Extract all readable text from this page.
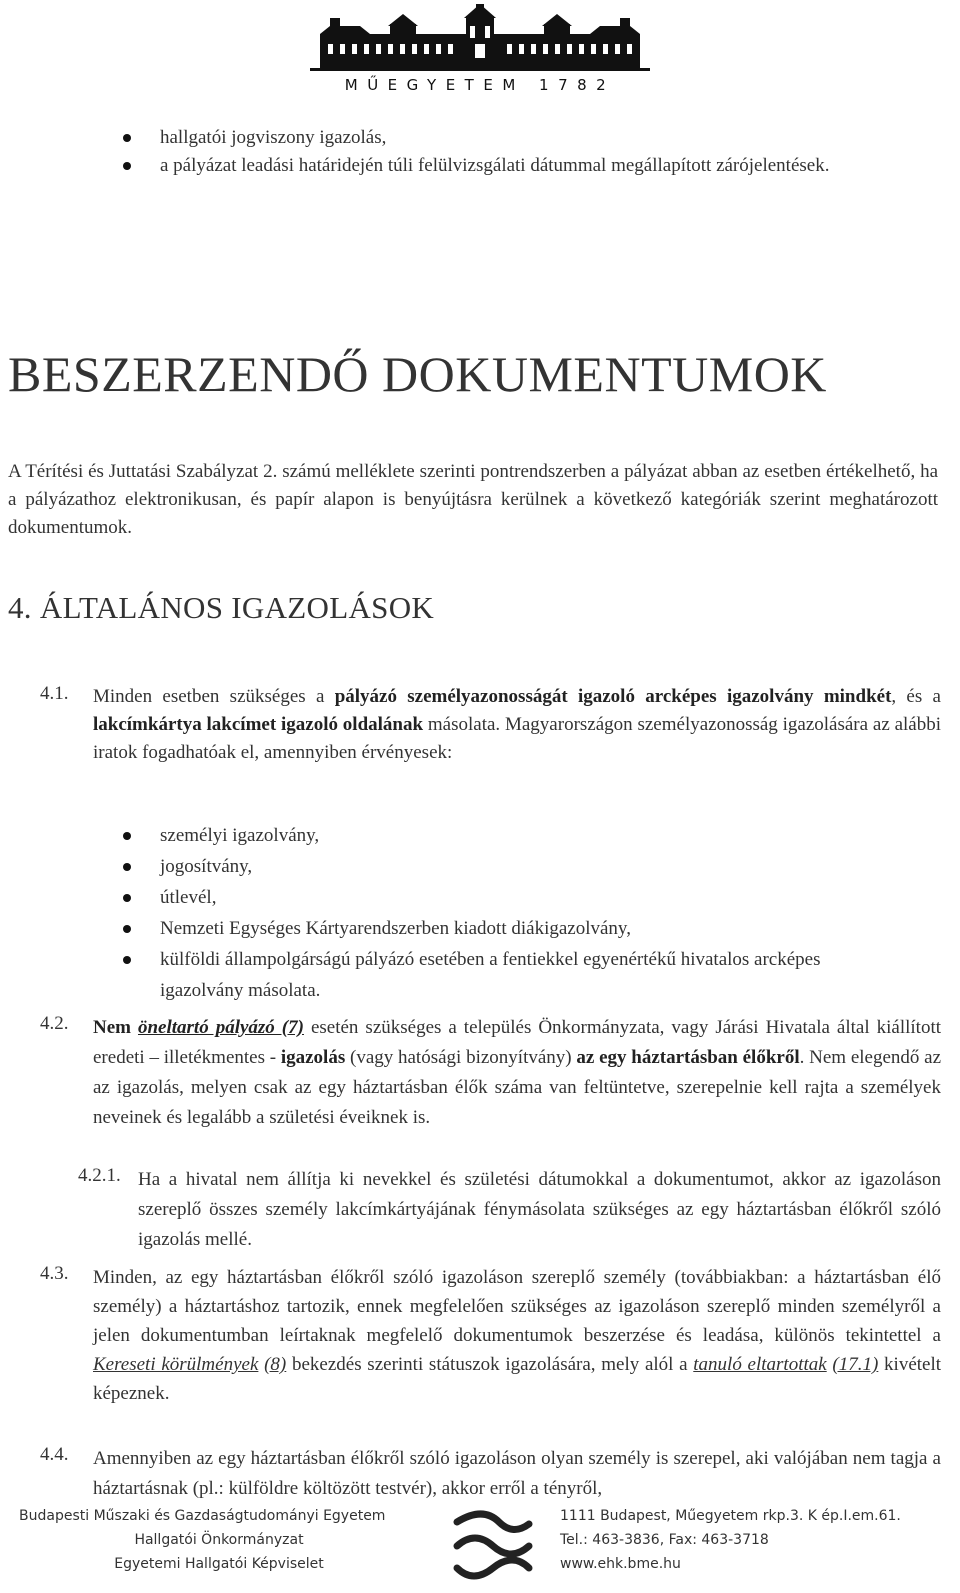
MŰEGYETEM 1782
hallgatói jogviszony igazolás,
a pályázat leadási határidején túli felülvizsgálati dátummal megállapított zárójelentések.
BESZERZENDŐ DOKUMENTUMOK

A Térítési és Juttatási Szabályzat 2. számú melléklete szerinti pontrendszerben a pályázat abban az esetben értékelhető, ha a pályázathoz elektronikusan, és papír alapon is benyújtásra kerülnek a következő kategóriák szerint meghatározott dokumentumok.

4. ÁLTALÁNOS IGAZOLÁSOK
4.1. Minden esetben szükséges a pályázó személyazonosságát igazoló arcképes igazolvány mindkét, és a lakcímkártya lakcímet igazoló oldalának másolata. Magyarországon személyazonosság igazolására az alábbi iratok fogadhatóak el, amennyiben érvényesek:

személyi igazolvány,
jogosítvány,
útlevél,
Nemzeti Egységes Kártyarendszerben kiadott diákigazolvány,
külföldi állampolgárságú pályázó esetében a fentiekkel egyenértékű hivatalos arcképes igazolvány másolata.
4.2. Nem öneltartó pályázó (7) esetén szükséges a település Önkormányzata, vagy Járási Hivatala által kiállított eredeti – illetékmentes - igazolás (vagy hatósági bizonyítvány) az egy háztartásban élőkről. Nem elegendő az az igazolás, melyen csak az egy háztartásban élők száma van feltüntetve, szerepelnie kell rajta a személyek neveinek és legalább a születési éveiknek is.

4.2.1. Ha a hivatal nem állítja ki nevekkel és születési dátumokkal a dokumentumot, akkor az igazoláson szereplő összes személy lakcímkártyájának fénymásolata szükséges az egy háztartásban élőkről szóló igazolás mellé.

4.3. Minden, az egy háztartásban élőkről szóló igazoláson szereplő személy (továbbiakban: a háztartásban élő személy) a háztartáshoz tartozik, ennek megfelelően szükséges az igazoláson szereplő minden személyről a jelen dokumentumban leírtaknak megfelelő dokumentumok beszerzése és leadása, különös tekintettel a Kereseti körülmények (8) bekezdés szerinti státuszok igazolására, mely alól a tanuló eltartottak (17.1) kivételt képeznek.

4.4. Amennyiben az egy háztartásban élőkről szóló igazoláson olyan személy is szerepel, aki valójában nem tagja a háztartásnak (pl.: külföldre költözött testvér), akkor erről a tényről,

Budapesti Műszaki és Gazdaságtudományi Egyetem
Hallgatói Önkormányzat
Egyetemi Hallgatói Képviselet
1111 Budapest, Műegyetem rkp.3. K ép.I.em.61.
Tel.: 463-3836, Fax: 463-3718
www.ehk.bme.hu
